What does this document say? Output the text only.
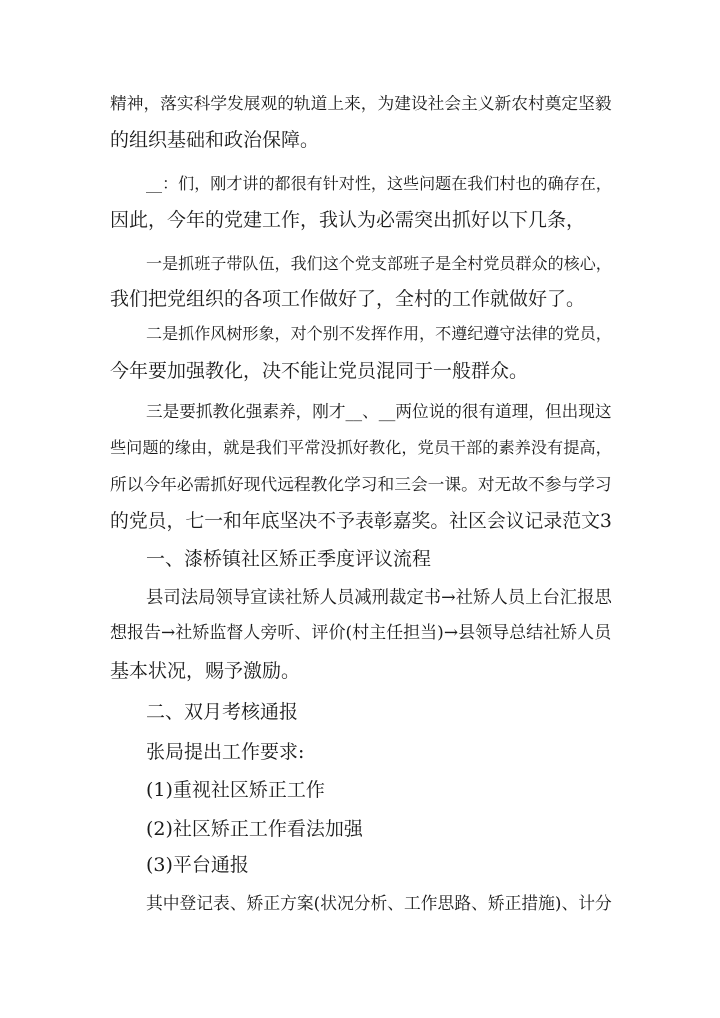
精神，落实科学发展观的轨道上来，为建设社会主义新农村奠定坚毅
的组织基础和政治保障。
__：们，刚才讲的都很有针对性，这些问题在我们村也的确存在，
因此，今年的党建工作，我认为必需突出抓好以下几条，
一是抓班子带队伍，我们这个党支部班子是全村党员群众的核心，
我们把党组织的各项工作做好了，全村的工作就做好了。
二是抓作风树形象，对个别不发挥作用，不遵纪遵守法律的党员，
今年要加强教化，决不能让党员混同于一般群众。
三是要抓教化强素养，刚才__、__两位说的很有道理，但出现这
些问题的缘由，就是我们平常没抓好教化，党员干部的素养没有提高，
所以今年必需抓好现代远程教化学习和三会一课。对无故不参与学习
的党员，七一和年底坚决不予表彰嘉奖。社区会议记录范文3
一、漆桥镇社区矫正季度评议流程
县司法局领导宣读社矫人员减刑裁定书→社矫人员上台汇报思
想报告→社矫监督人旁听、评价(村主任担当)→县领导总结社矫人员
基本状况，赐予激励。
二、双月考核通报
张局提出工作要求:
(1)重视社区矫正工作
(2)社区矫正工作看法加强
(3)平台通报
其中登记表、矫正方案(状况分析、工作思路、矫正措施)、计分
